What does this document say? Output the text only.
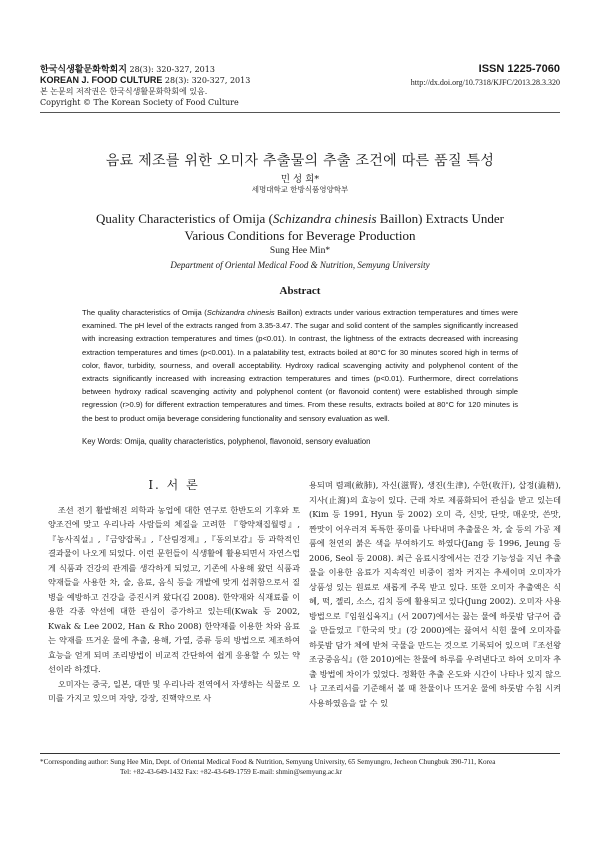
한국식생활문화학회지 28(3): 320-327, 2013
KOREAN J. FOOD CULTURE 28(3): 320-327, 2013
본 논문의 저작권은 한국식생활문화학회에 있음.
Copyright © The Korean Society of Food Culture
ISSN 1225-7060
http://dx.doi.org/10.7318/KJFC/2013.28.3.320
음료 제조를 위한 오미자 추출물의 추출 조건에 따른 품질 특성
민 성 희*
세명대학교 한방식품영양학부
Quality Characteristics of Omija (Schizandra chinesis Baillon) Extracts Under
Various Conditions for Beverage Production
Sung Hee Min*
Department of Oriental Medical Food & Nutrition, Semyung University
Abstract
The quality characteristics of Omija (Schizandra chinesis Baillon) extracts under various extraction temperatures and times were examined. The pH level of the extracts ranged from 3.35-3.47. The sugar and solid content of the samples significantly increased with increasing extraction temperatures and times (p<0.01). In contrast, the lightness of the extracts decreased with increasing extraction temperatures and times (p<0.001). In a palatability test, extracts boiled at 80°C for 30 minutes scored high in terms of color, flavor, turbidity, sourness, and overall acceptability. Hydroxy radical scavenging activity and polyphenol content of the extracts significantly increased with increasing extraction temperatures and times (p<0.01). Furthermore, direct correlations between hydroxy radical scavenging activity and polyphenol content (or flavonoid content) were established through simple regression (r>0.9) for different extraction temperatures and times. From these results, extracts boiled at 80°C for 120 minutes is the best to product omija beverage considering functionality and sensory evaluation as well.
Key Words: Omija, quality characteristics, polyphenol, flavonoid, sensory evaluation
I. 서 론

조선 전기 활발해진 의학과 농업에 대한 연구로 한반도의 기후와 토양조건에 맞고 우리나라 사람들의 체질을 고려한 『향약채집월령』,『농사직설』,『금양잡록』,『산림경제』,『동의보감』등 과학적인 결과물이 나오게 되었다. 이런 문헌들이 식생활에 활용되면서 자연스럽게 식품과 건강의 관계를 생각하게 되었고, 기존에 사용해 왔던 식품과 약재들을 사용한 차, 술, 음료, 음식 등을 개발에 맞게 섭취함으로서 질병을 예방하고 건강을 증진시켜 왔다(김 2008). 한약재와 식재료를 이용한 각종 약선에 대한 관심이 증가하고 있는데(Kwak 등 2002, Kwak & Lee 2002, Han & Rho 2008) 한약재를 이용한 차와 음료는 약재를 뜨거운 물에 추출, 용해, 가열, 증류 등의 방법으로 제조하여 효능을 얻게 되며 조리방법이 비교적 간단하여 쉽게 응용할 수 있는 약선이라 하겠다.

오미자는 중국, 일본, 대만 및 우리나라 전역에서 자생하는 식물로 오미를 가지고 있으며 자양, 강장, 진핵약으로 사

용되며 렴폐(斂肺), 자신(滋腎), 생진(生津), 수한(收汗), 삽정(澁精), 지사(止瀉)의 효능이 있다. 근래 차로 제품화되어 관심을 받고 있는데(Kim 등 1991, Hyun 등 2002) 오미 즉, 신맛, 단맛, 매운맛, 쓴맛, 짠맛이 어우러져 독특한 풍미를 나타내며 추출물은 차, 술 등의 가공 제품에 천연의 붉은 색을 부여하기도 하였다(Jang 등 1996, Jeung 등 2006, Seol 등 2008). 최근 음료시장에서는 건강 기능성을 지닌 추출물을 이용한 음료가 지속적인 비중이 점차 커지는 추세이며 오미자가 상품성 있는 원료로 새롭게 주목 받고 있다. 또한 오미자 추출액은 식혜, 떡, 젤리, 소스, 김치 등에 활용되고 있다(Jung 2002). 오미자 사용 방법으로『임원십육지』(서 2007)에서는 끓는 물에 하룻밤 담구어 즙을 만들었고『한국의 맛』(강 2000)에는 끓여서 식힌 물에 오미자를 하룻밤 담가 체에 받쳐 국물을 만드는 것으로 기록되어 있으며『조선왕조궁중음식』(한 2010)에는 찬물에 하루를 우려낸다고 하여 오미자 추출 방법에 차이가 있었다. 정확한 추출 온도와 시간이 나타나 있지 않으나 고조리서를 기준해서 볼 때 찬물이나 뜨거운 물에 하룻밤 수침 시켜 사용하였음을 알 수 있

*Corresponding author: Sung Hee Min, Dept. of Oriental Medical Food & Nutrition, Semyung University, 65 Semyungro, Jecheon Chungbuk 390-711, Korea
Tel: +82-43-649-1432 Fax: +82-43-649-1759 E-mail: shmin@semyung.ac.kr
